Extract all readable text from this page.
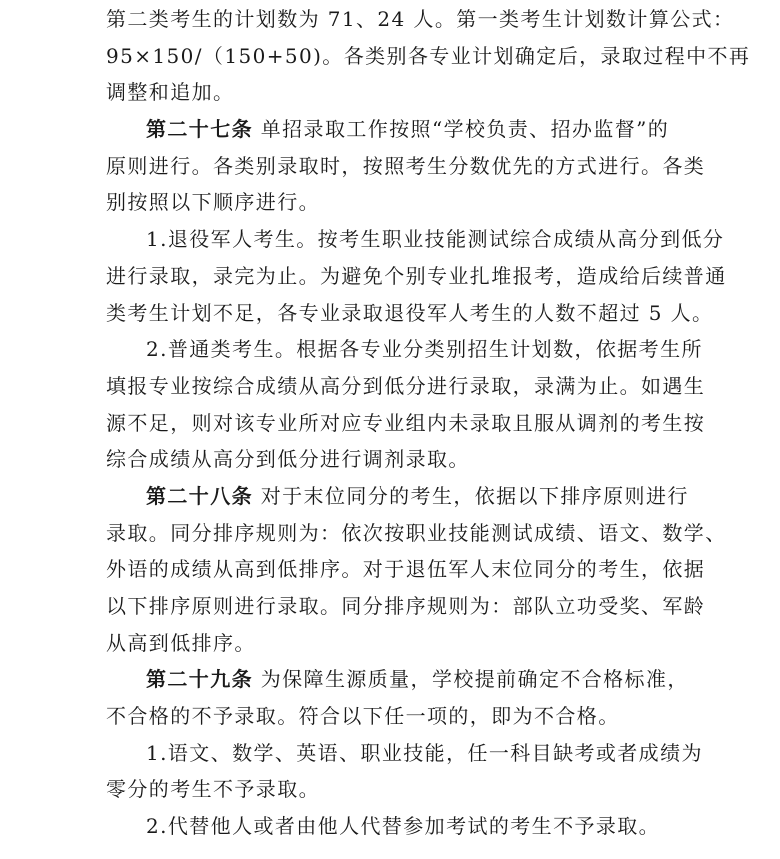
第二类考生的计划数为 71、24 人。第一类考生计划数计算公式：
95×150/（150+50)。各类别各专业计划确定后，录取过程中不再
调整和追加。
第二十七条 单招录取工作按照“学校负责、招办监督”的
原则进行。各类别录取时，按照考生分数优先的方式进行。各类
别按照以下顺序进行。
1.退役军人考生。按考生职业技能测试综合成绩从高分到低分
进行录取，录完为止。为避免个别专业扎堆报考，造成给后续普通
类考生计划不足，各专业录取退役军人考生的人数不超过 5 人。
2.普通类考生。根据各专业分类别招生计划数，依据考生所
填报专业按综合成绩从高分到低分进行录取，录满为止。如遇生
源不足，则对该专业所对应专业组内未录取且服从调剂的考生按
综合成绩从高分到低分进行调剂录取。
第二十八条 对于末位同分的考生，依据以下排序原则进行
录取。同分排序规则为：依次按职业技能测试成绩、语文、数学、
外语的成绩从高到低排序。对于退伍军人末位同分的考生，依据
以下排序原则进行录取。同分排序规则为：部队立功受奖、军龄
从高到低排序。
第二十九条 为保障生源质量，学校提前确定不合格标准，
不合格的不予录取。符合以下任一项的，即为不合格。
1.语文、数学、英语、职业技能，任一科目缺考或者成绩为
零分的考生不予录取。
2.代替他人或者由他人代替参加考试的考生不予录取。
